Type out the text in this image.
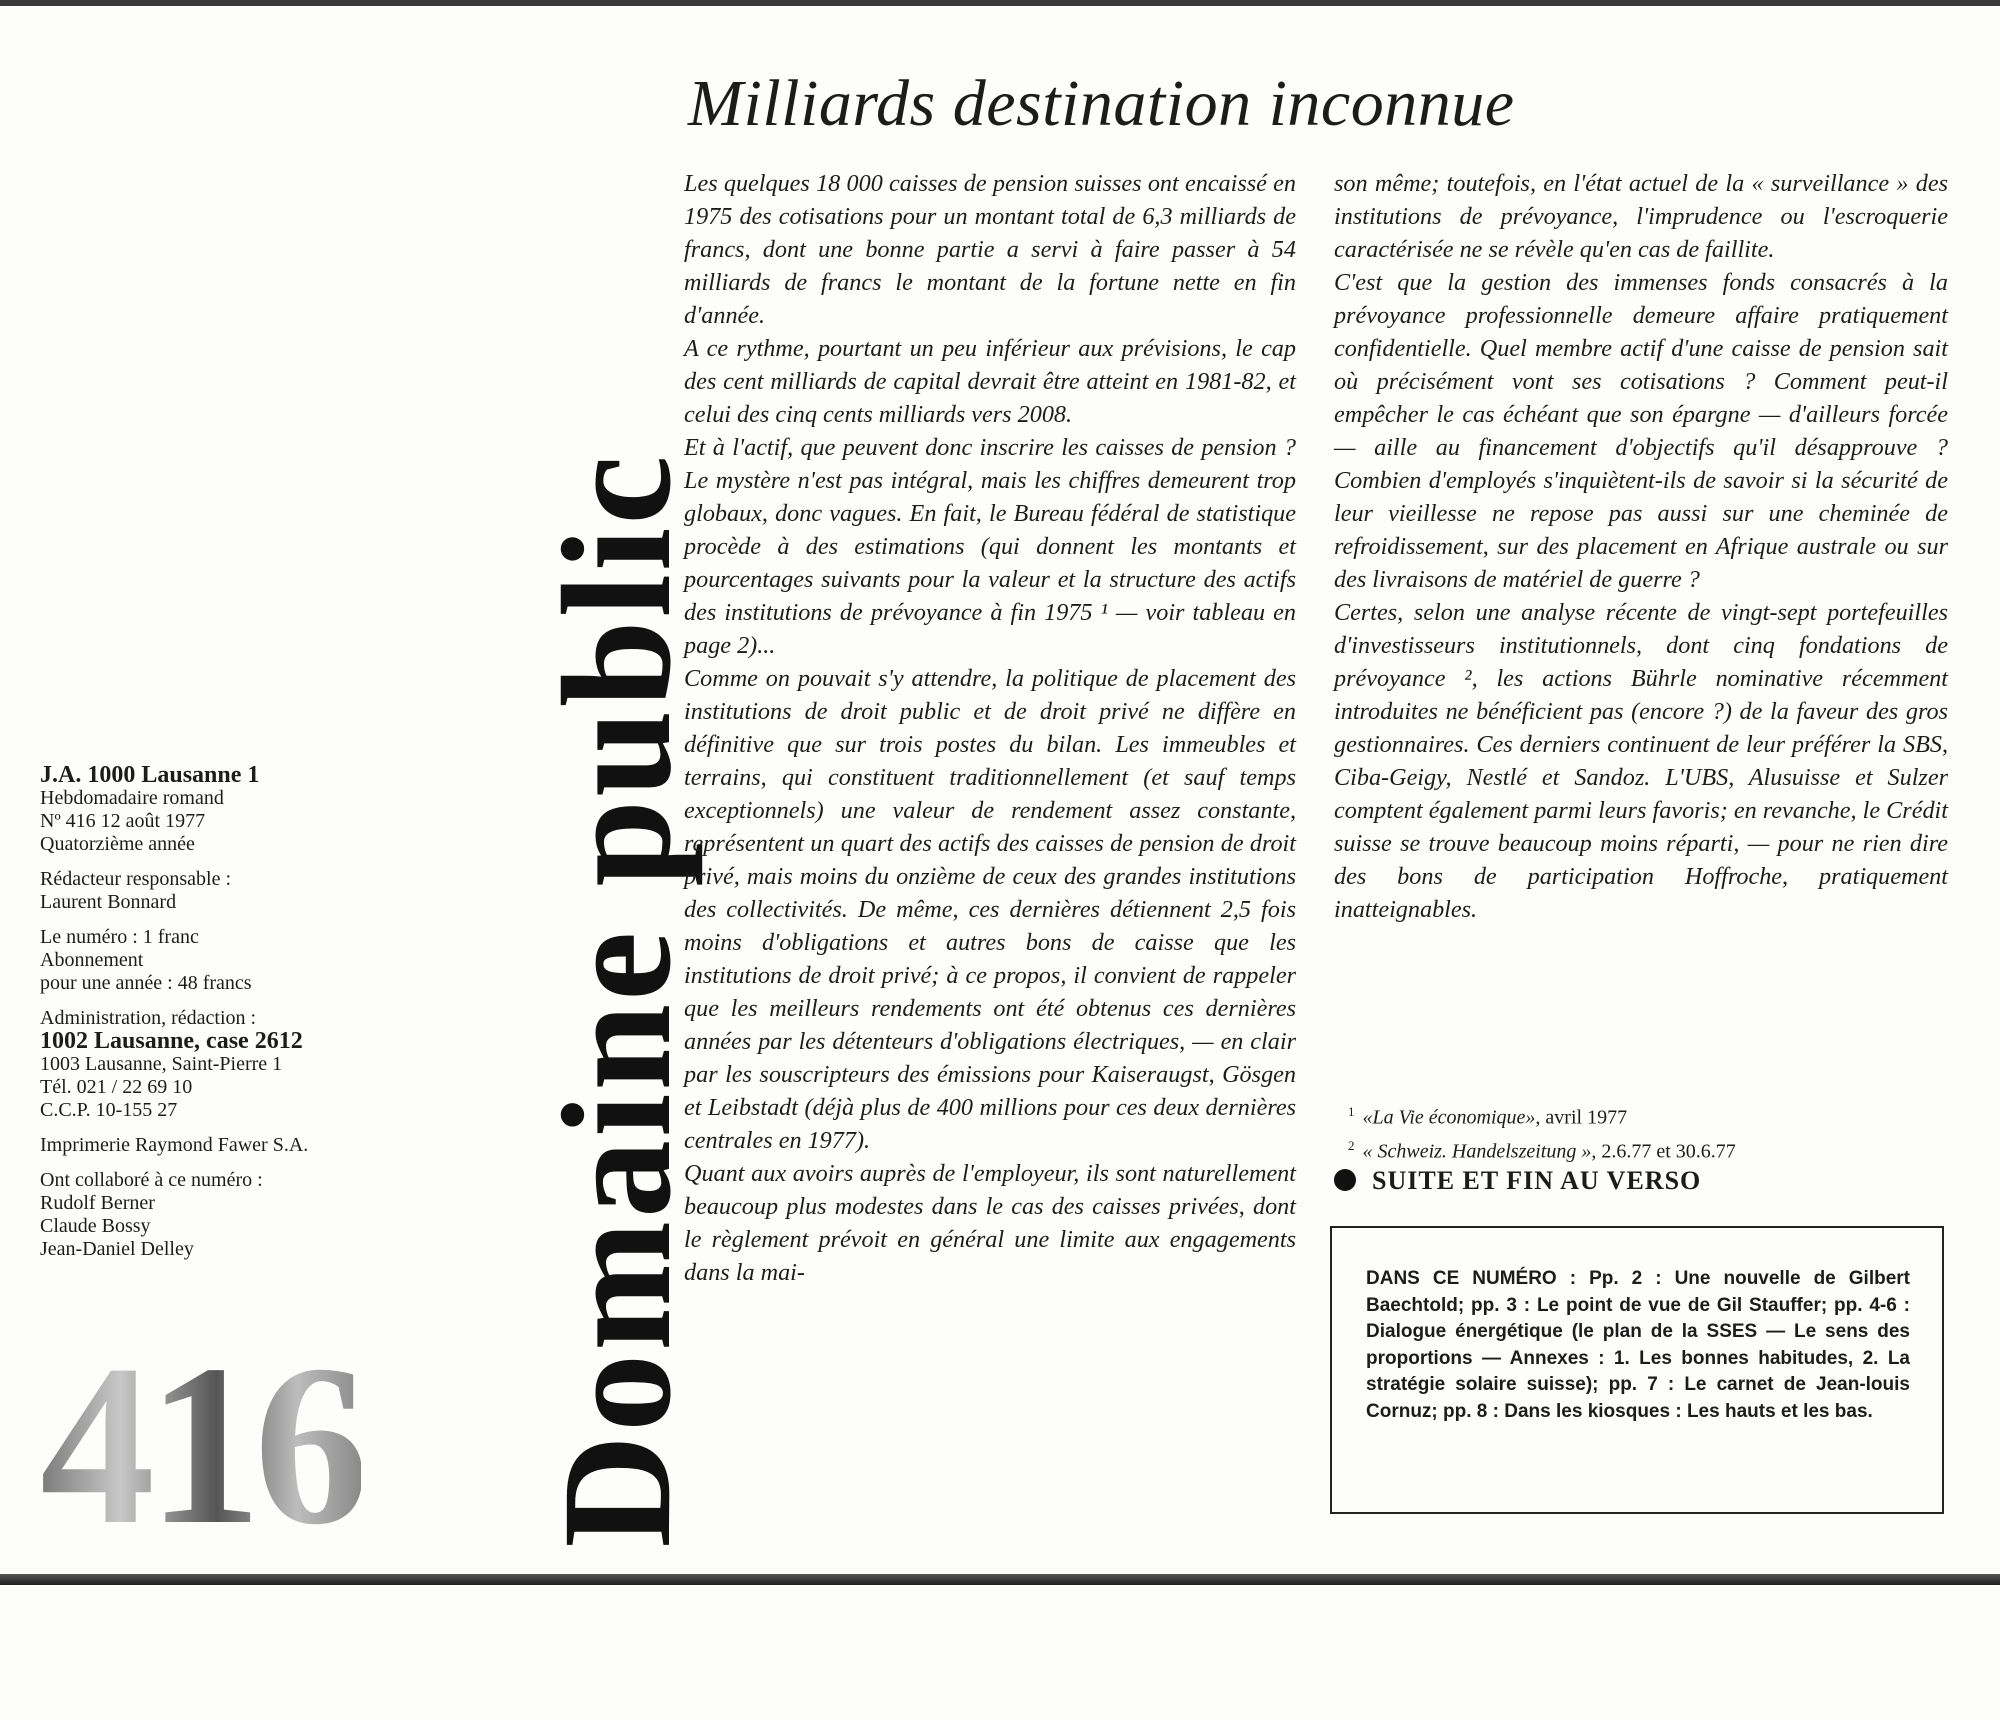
Milliards destination inconnue
Domaine public

J.A. 1000 Lausanne 1
Hebdomadaire romand
Nº 416 12 août 1977
Quatorzième année

Rédacteur responsable :
Laurent Bonnard

Le numéro : 1 franc
Abonnement
pour une année : 48 francs

Administration, rédaction :
1002 Lausanne, case 2612
1003 Lausanne, Saint-Pierre 1
Tél. 021 / 22 69 10
C.C.P. 10-155 27

Imprimerie Raymond Fawer S.A.

Ont collaboré à ce numéro :
Rudolf Berner
Claude Bossy
Jean-Daniel Delley

416

Les quelques 18 000 caisses de pension suisses ont encaissé en 1975 des cotisations pour un montant total de 6,3 milliards de francs, dont une bonne partie a servi à faire passer à 54 milliards de francs le montant de la fortune nette en fin d'année.

A ce rythme, pourtant un peu inférieur aux prévisions, le cap des cent milliards de capital devrait être atteint en 1981-82, et celui des cinq cents milliards vers 2008.

Et à l'actif, que peuvent donc inscrire les caisses de pension ? Le mystère n'est pas intégral, mais les chiffres demeurent trop globaux, donc vagues. En fait, le Bureau fédéral de statistique procède à des estimations (qui donnent les montants et pourcentages suivants pour la valeur et la structure des actifs des institutions de prévoyance à fin 1975 ¹ — voir tableau en page 2)...

Comme on pouvait s'y attendre, la politique de placement des institutions de droit public et de droit privé ne diffère en définitive que sur trois postes du bilan. Les immeubles et terrains, qui constituent traditionnellement (et sauf temps exceptionnels) une valeur de rendement assez constante, représentent un quart des actifs des caisses de pension de droit privé, mais moins du onzième de ceux des grandes institutions des collectivités. De même, ces dernières détiennent 2,5 fois moins d'obligations et autres bons de caisse que les institutions de droit privé; à ce propos, il convient de rappeler que les meilleurs rendements ont été obtenus ces dernières années par les détenteurs d'obligations électriques, — en clair par les souscripteurs des émissions pour Kaiseraugst, Gösgen et Leibstadt (déjà plus de 400 millions pour ces deux dernières centrales en 1977).

Quant aux avoirs auprès de l'employeur, ils sont naturellement beaucoup plus modestes dans le cas des caisses privées, dont le règlement prévoit en général une limite aux engagements dans la mai-

son même; toutefois, en l'état actuel de la « surveillance » des institutions de prévoyance, l'imprudence ou l'escroquerie caractérisée ne se révèle qu'en cas de faillite.

C'est que la gestion des immenses fonds consacrés à la prévoyance professionnelle demeure affaire pratiquement confidentielle. Quel membre actif d'une caisse de pension sait où précisément vont ses cotisations ? Comment peut-il empêcher le cas échéant que son épargne — d'ailleurs forcée — aille au financement d'objectifs qu'il désapprouve ? Combien d'employés s'inquiètent-ils de savoir si la sécurité de leur vieillesse ne repose pas aussi sur une cheminée de refroidissement, sur des placement en Afrique australe ou sur des livraisons de matériel de guerre ?

Certes, selon une analyse récente de vingt-sept portefeuilles d'investisseurs institutionnels, dont cinq fondations de prévoyance ², les actions Bührle nominative récemment introduites ne bénéficient pas (encore ?) de la faveur des gros gestionnaires. Ces derniers continuent de leur préférer la SBS, Ciba-Geigy, Nestlé et Sandoz. L'UBS, Alusuisse et Sulzer comptent également parmi leurs favoris; en revanche, le Crédit suisse se trouve beaucoup moins réparti, — pour ne rien dire des bons de participation Hoffroche, pratiquement inatteignables.

$^1$ «La Vie économique», avril 1977
$^2$ « Schweiz. Handelszeitung », 2.6.77 et 30.6.77
SUITE ET FIN AU VERSO
DANS CE NUMÉRO : Pp. 2 : Une nouvelle de Gilbert Baechtold; pp. 3 : Le point de vue de Gil Stauffer; pp. 4-6 : Dialogue énergétique (le plan de la SSES — Le sens des proportions — Annexes : 1. Les bonnes habitudes, 2. La stratégie solaire suisse); pp. 7 : Le carnet de Jean-louis Cornuz; pp. 8 : Dans les kiosques : Les hauts et les bas.
